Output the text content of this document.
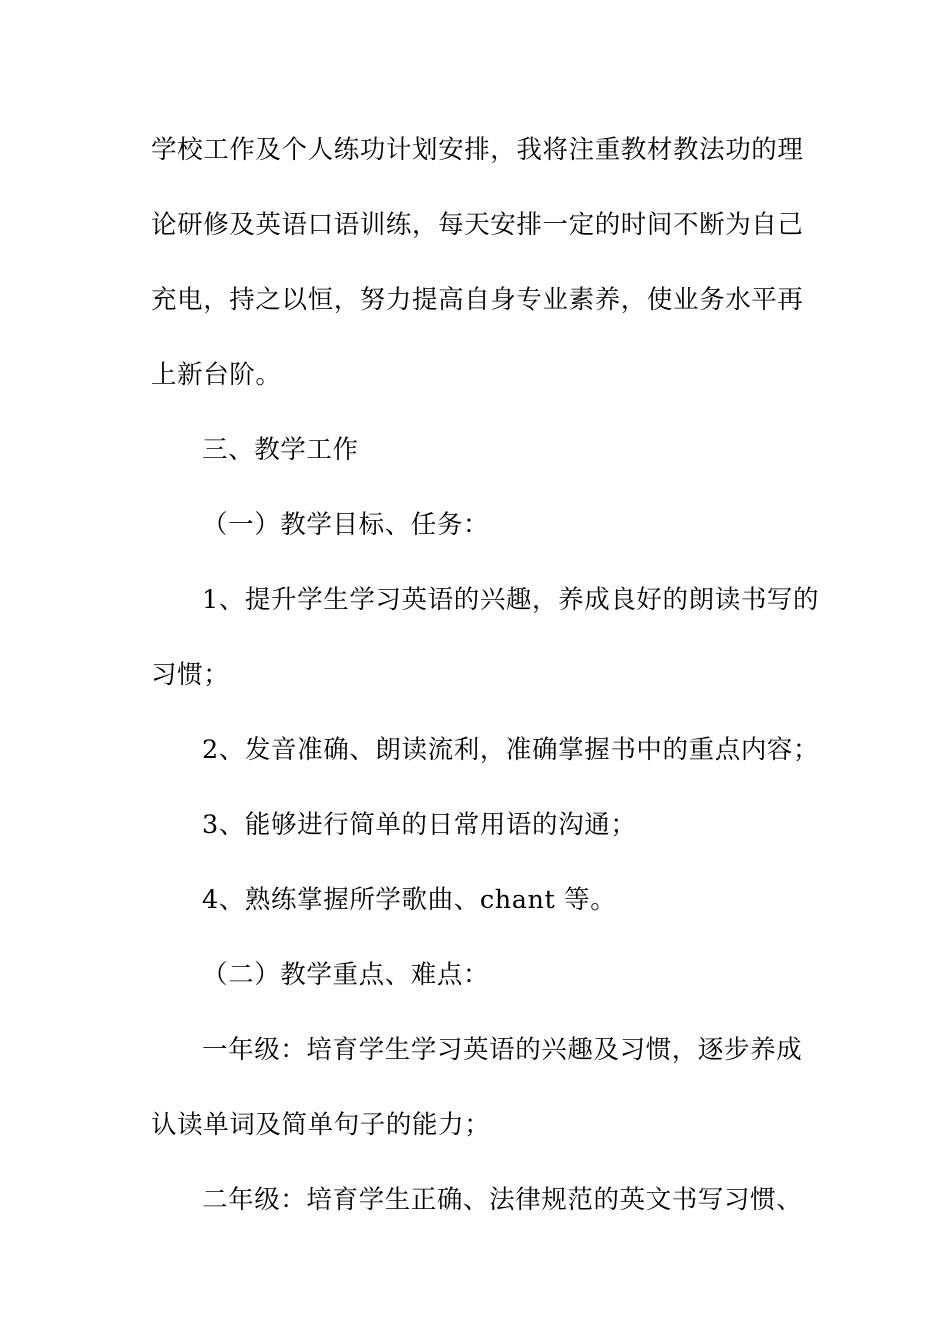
学校工作及个人练功计划安排，我将注重教材教法功的理
论研修及英语口语训练，每天安排一定的时间不断为自己
充电，持之以恒，努力提高自身专业素养，使业务水平再
上新台阶。
三、教学工作
（一）教学目标、任务：
1、提升学生学习英语的兴趣，养成良好的朗读书写的
习惯；
2、发音准确、朗读流利，准确掌握书中的重点内容；
3、能够进行简单的日常用语的沟通；
4、熟练掌握所学歌曲、chant 等。
（二）教学重点、难点：
一年级：培育学生学习英语的兴趣及习惯，逐步养成
认读单词及简单句子的能力；
二年级：培育学生正确、法律规范的英文书写习惯、
